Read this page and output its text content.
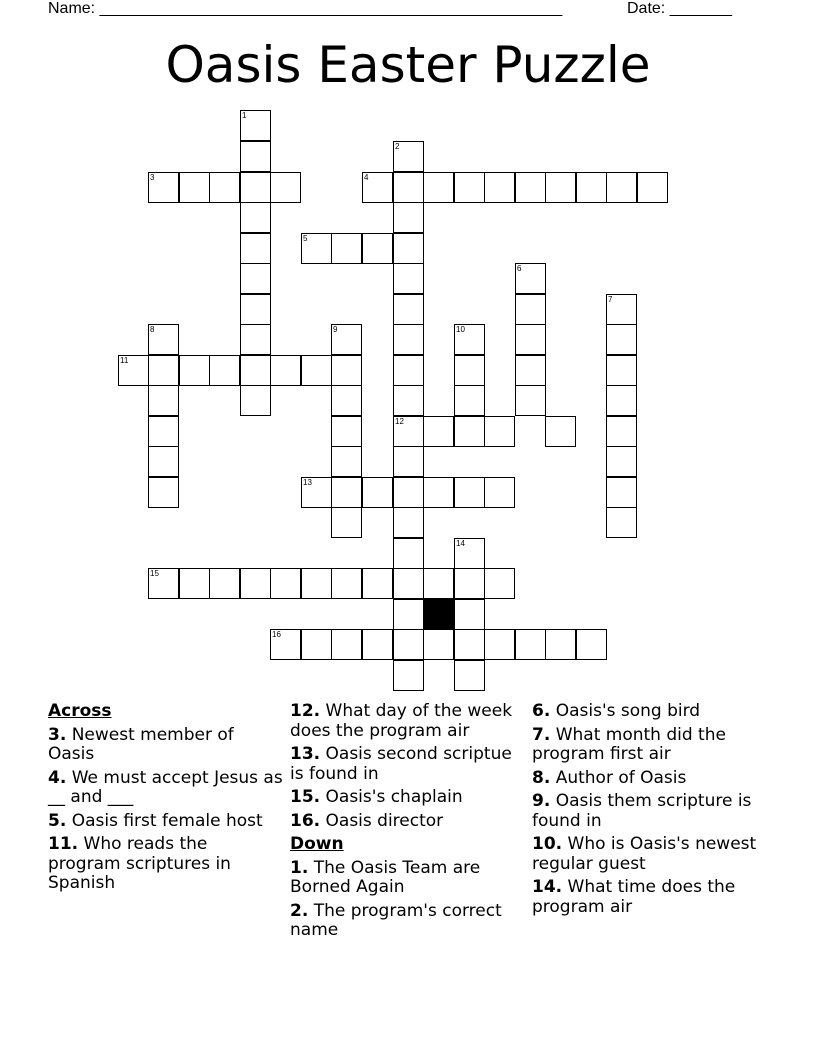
Name: ____________________________________________________	Date: _______
Oasis Easter Puzzle
1
2
12
3	4
5
6
7
8	9	10
11
13
14
15
16
Across
3. Newest member of Oasis
4. We must accept Jesus as __ and ___
5. Oasis first female host
11. Who reads the program scriptures in Spanish
12. What day of the week does the program air
13. Oasis second scriptue is found in
15. Oasis's chaplain
16. Oasis director
Down
1. The Oasis Team are Borned Again
2. The program's correct name
6. Oasis's song bird
7. What month did the program first air
8. Author of Oasis
9. Oasis them scripture is found in
10. Who is Oasis's newest regular guest
14. What time does the program air
